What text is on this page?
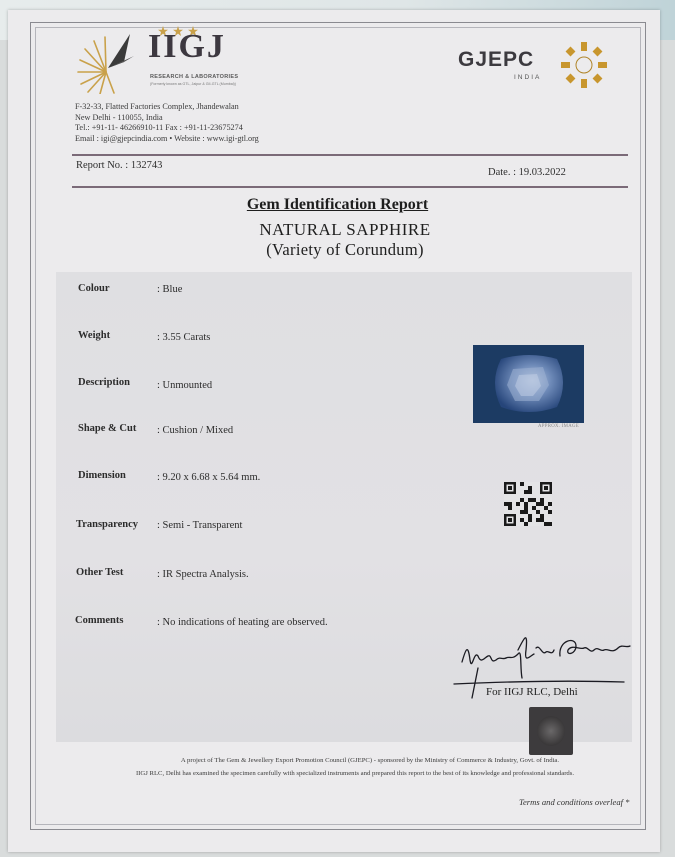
IIGJ
RESEARCH & LABORATORIES
(Formerly known as GTL, Jaipur & GII-GTL (Mumbai))
GJEPC
INDIA
F-32-33, Flatted Factories Complex, Jhandewalan
New Delhi - 110055, India
Tel.: +91-11- 46266910-11 Fax : +91-11-23675274
Email : igi@gjepcindia.com • Website : www.igi-gtl.org
Report No. : 132743
Date. : 19.03.2022
Gem Identification Report
NATURAL SAPPHIRE
(Variety of Corundum)
Colour	: Blue
Weight	: 3.55 Carats
Description	: Unmounted
Shape & Cut : Cushion / Mixed
Dimension	: 9.20 x 6.68 x 5.64 mm.
Transparency : Semi - Transparent
Other Test	: IR Spectra Analysis.
Comments	: No indications of heating are observed.
APPROX. IMAGE
For IIGJ RLC, Delhi
A project of The Gem & Jewellery Export Promotion Council (GJEPC) - sponsored by the Ministry of Commerce & Industry, Govt. of India.
IIGJ RLC, Delhi has examined the specimen carefully with specialized instruments and prepared this report to the best of its knowledge and professional standards.
Terms and conditions overleaf *
